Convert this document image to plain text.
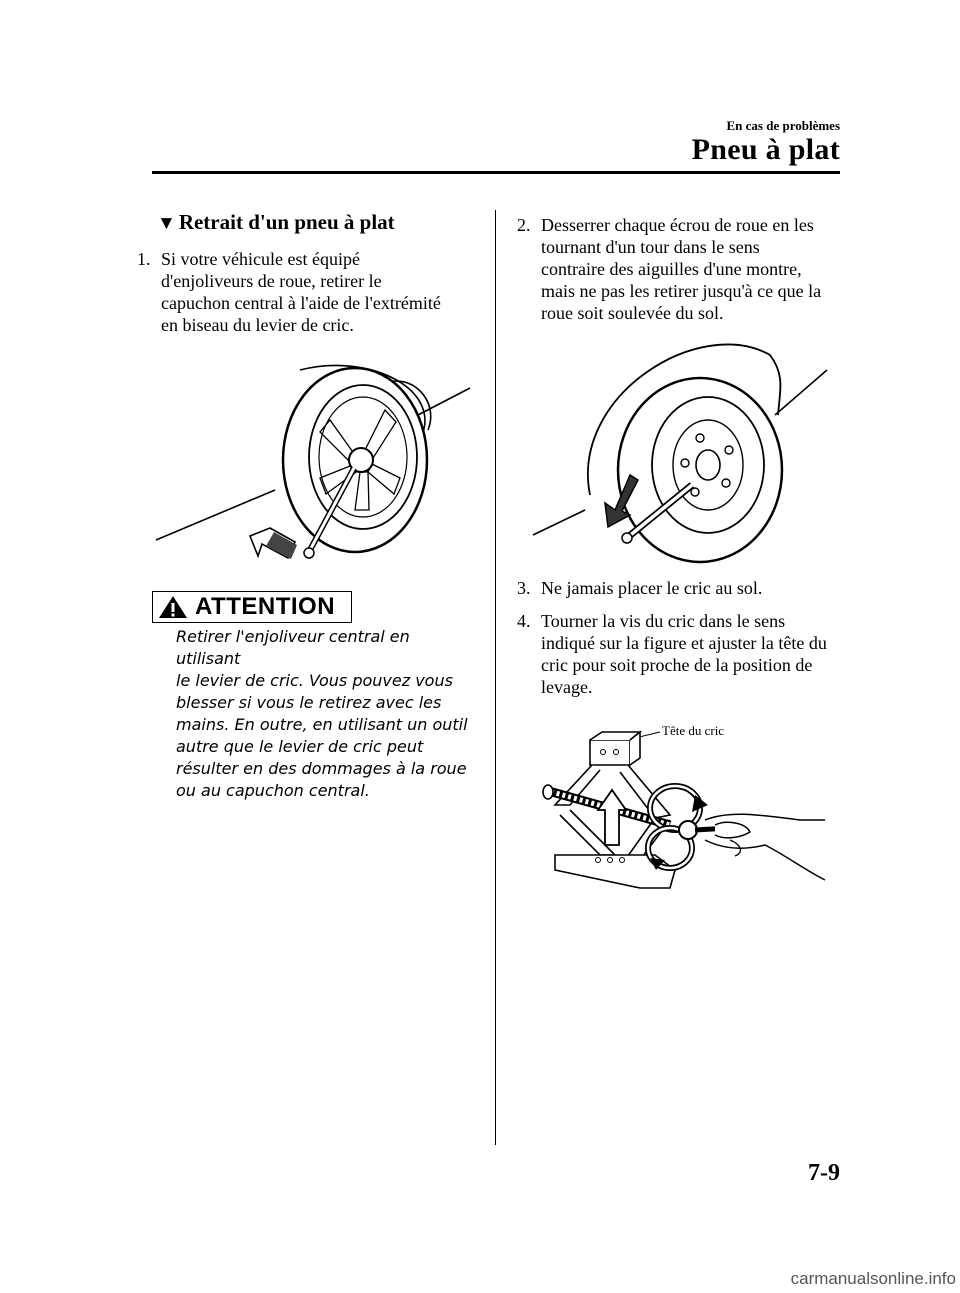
En cas de problèmes
Pneu à plat
▼ Retrait d'un pneu à plat
1. Si votre véhicule est équipé
d'enjoliveurs de roue, retirer le
capuchon central à l'aide de l'extrémité
en biseau du levier de cric.
ATTENTION
Retirer l'enjoliveur central en utilisant
le levier de cric. Vous pouvez vous
blesser si vous le retirez avec les
mains. En outre, en utilisant un outil
autre que le levier de cric peut
résulter en des dommages à la roue
ou au capuchon central.
2. Desserrer chaque écrou de roue en les
tournant d'un tour dans le sens
contraire des aiguilles d'une montre,
mais ne pas les retirer jusqu'à ce que la
roue soit soulevée du sol.
3. Ne jamais placer le cric au sol.
4. Tourner la vis du cric dans le sens
indiqué sur la figure et ajuster la tête du
cric pour soit proche de la position de
levage.
Tête du cric
7-9
carmanualsonline.info
